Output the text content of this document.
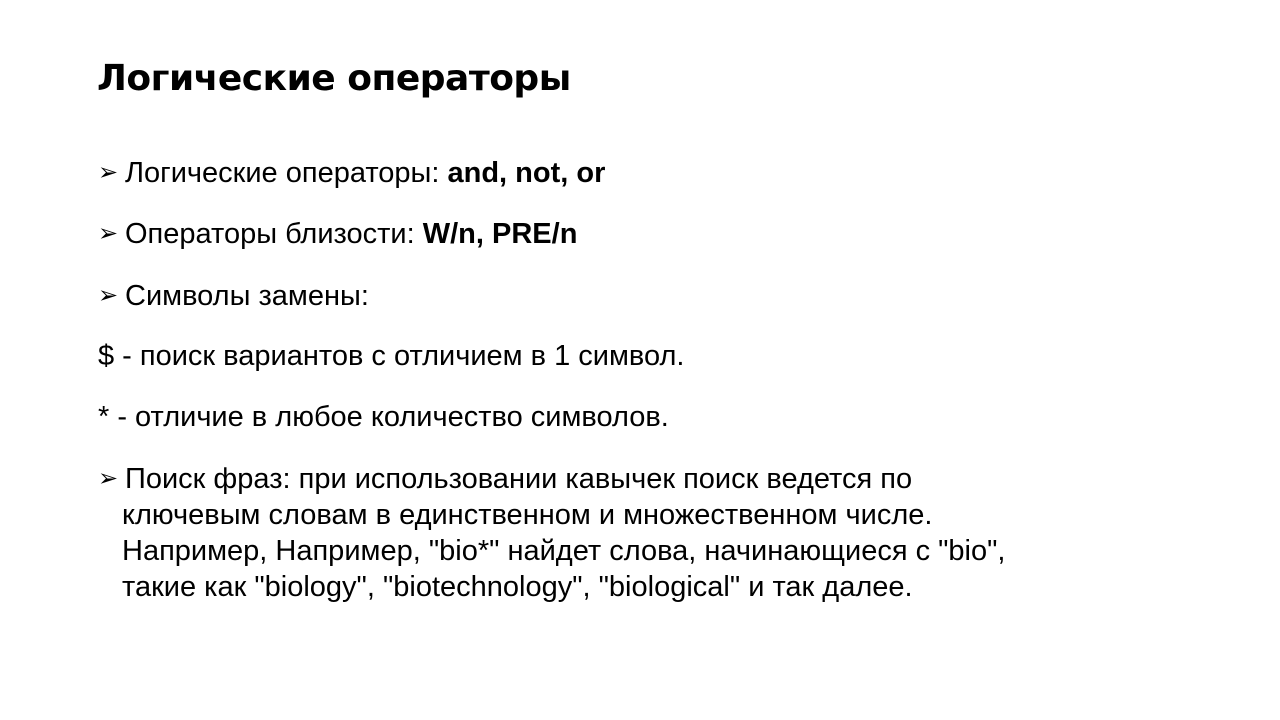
Логические операторы
➢ Логические операторы: and, not, or
➢ Операторы близости: W/n, PRE/n
➢ Символы замены:
$ - поиск вариантов с отличием в 1 символ.
* - отличие в любое количество символов.
➢ Поиск фраз: при использовании кавычек поиск ведется по
ключевым словам в единственном и множественном числе.
Например, Например, "bio*" найдет слова, начинающиеся с "bio",
такие как "biology", "biotechnology", "biological" и так далее.
